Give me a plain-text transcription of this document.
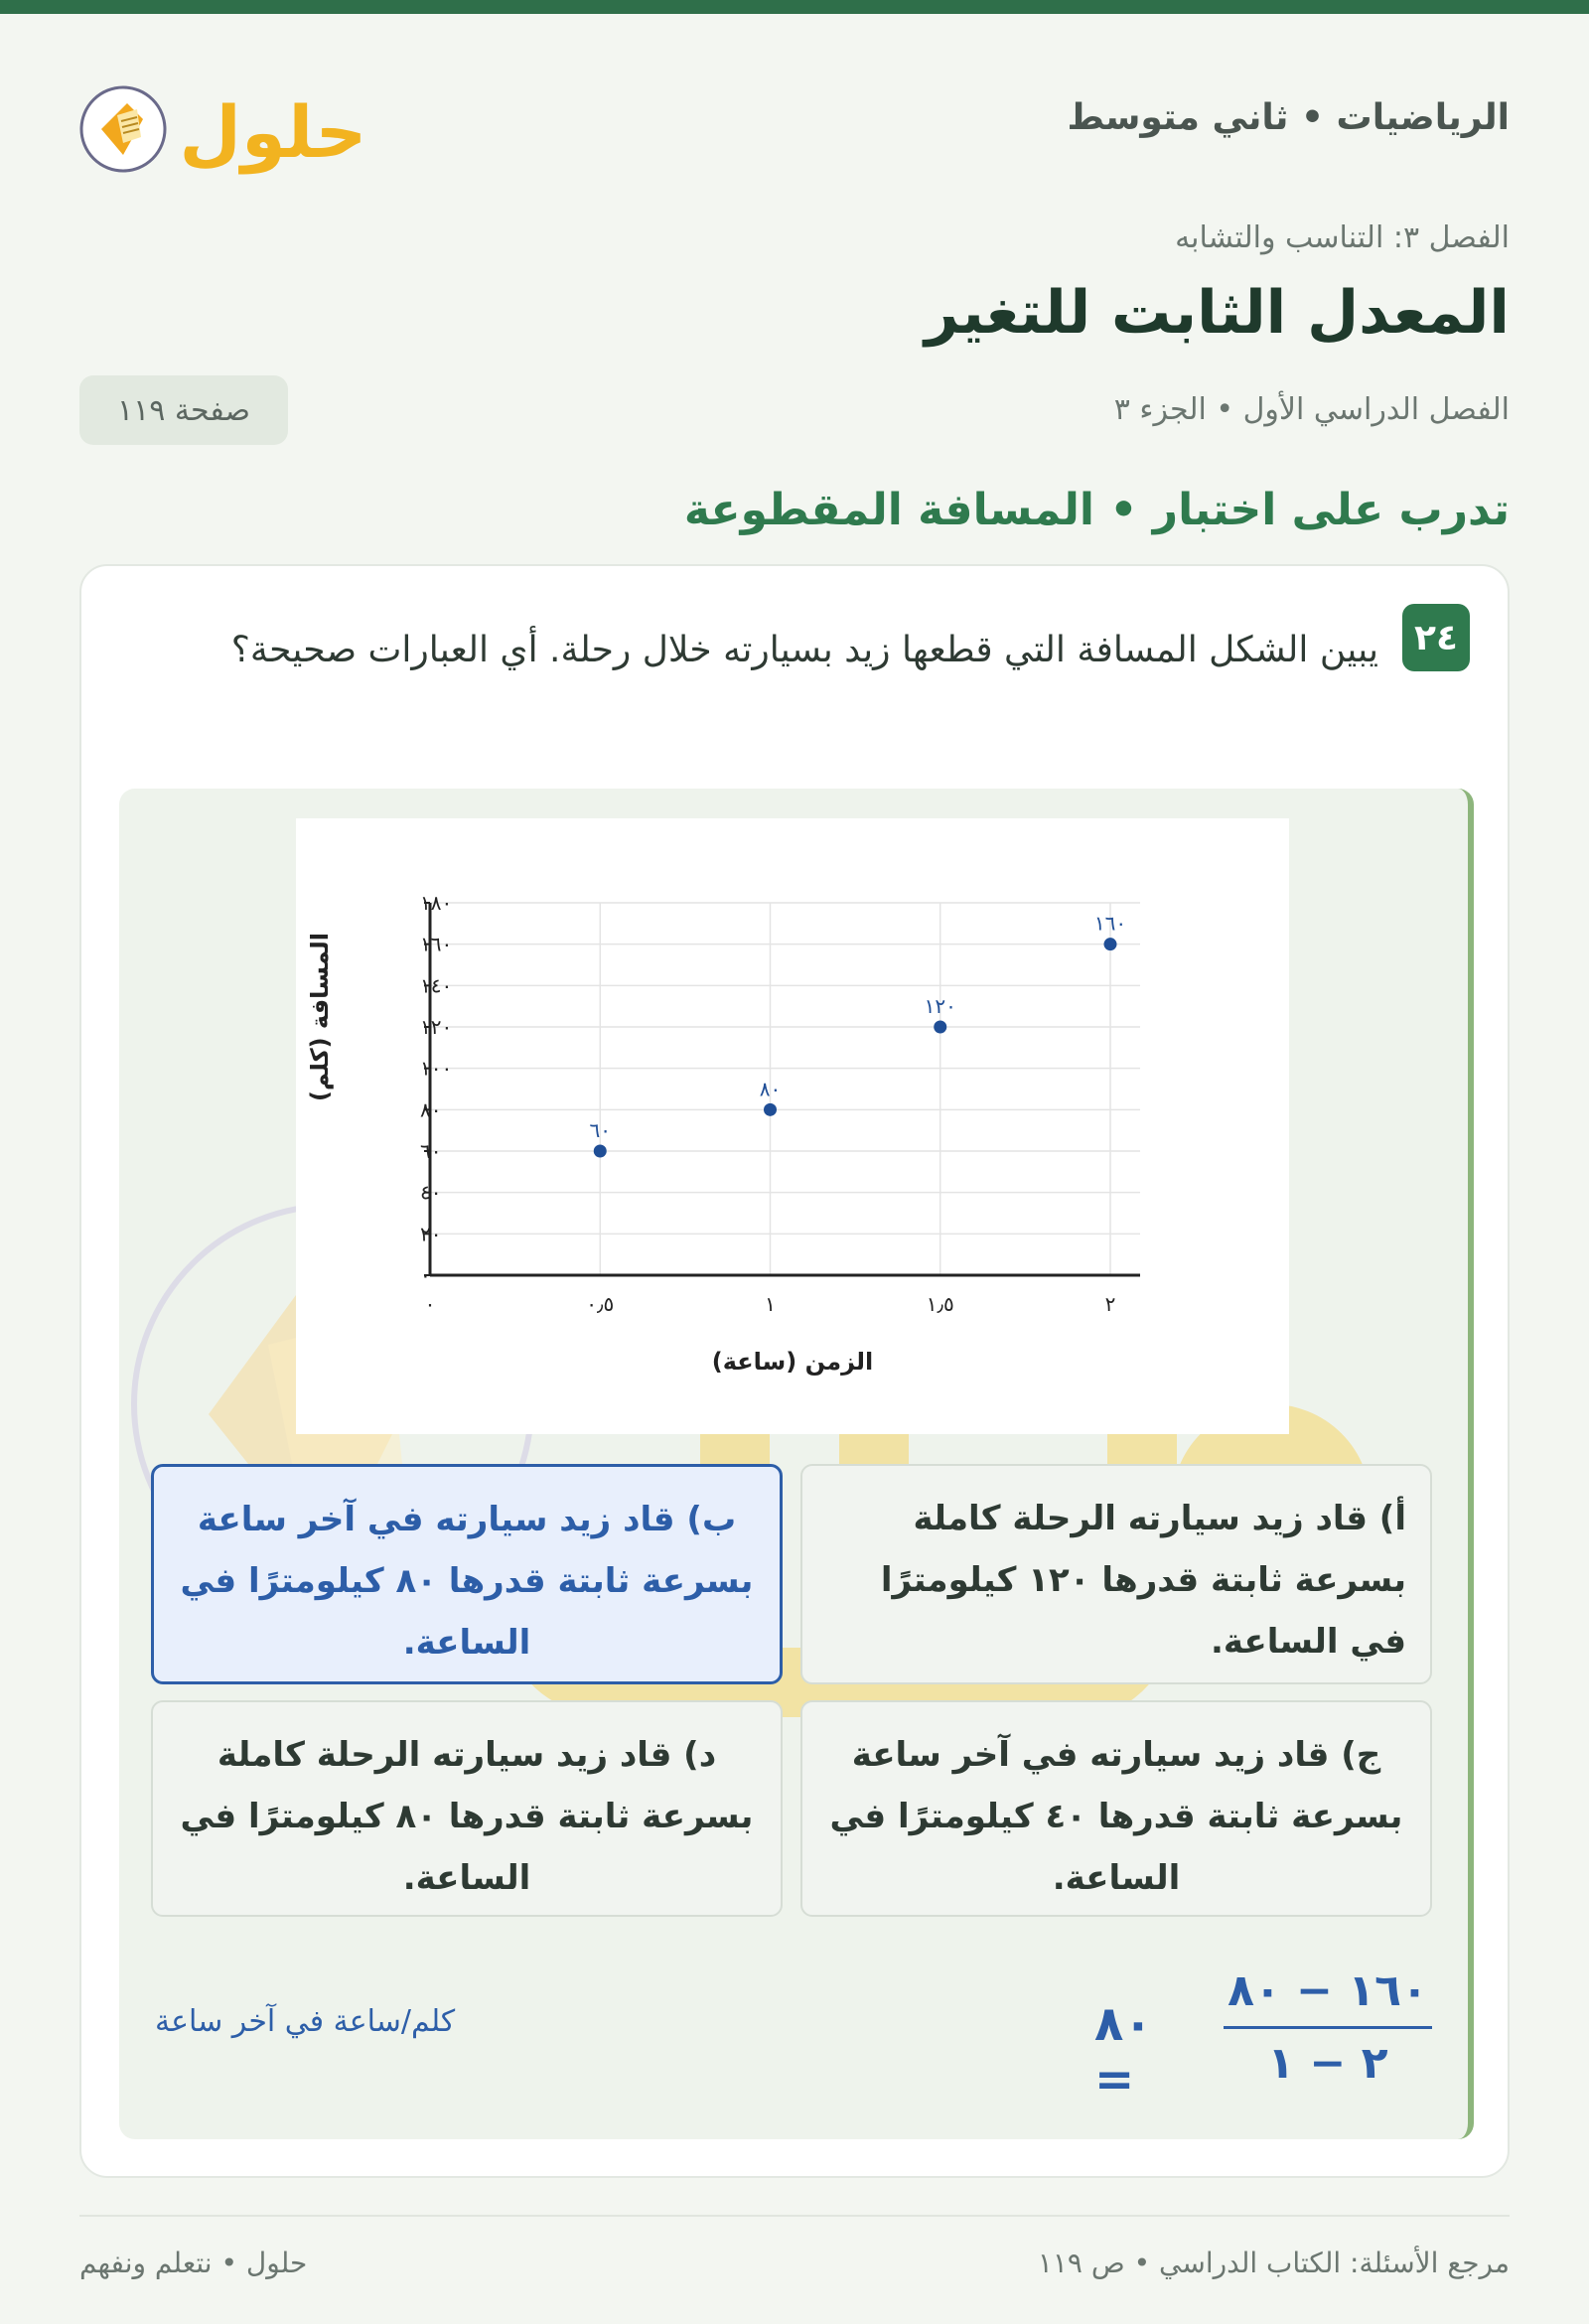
الرياضيات • ثاني متوسط
حلول
الفصل ٣: التناسب والتشابه
المعدل الثابت للتغير
الفصل الدراسي الأول • الجزء ٣
صفحة ١١٩
تدرب على اختبار • المسافة المقطوعة
٢٤
يبين الشكل المسافة التي قطعها زيد بسيارته خلال رحلة. أي العبارات صحيحة؟
٠
٢٠
٤٠
٦٠
٨٠
١٠٠
١٢٠
١٤٠
١٦٠
١٨٠
٠	٠٫٥	١	١٫٥	٢
٦٠
٨٠
١٢٠
١٦٠
الزمن (ساعة)
المسافة (كلم)
أ) قاد زيد سيارته الرحلة كاملة بسرعة ثابتة قدرها ١٢٠ كيلومترًا في الساعة.
ب) قاد زيد سيارته في آخر ساعة بسرعة ثابتة قدرها ٨٠ كيلومترًا في الساعة.
ج) قاد زيد سيارته في آخر ساعة بسرعة ثابتة قدرها ٤٠ كيلومترًا في الساعة.
د) قاد زيد سيارته الرحلة كاملة بسرعة ثابتة قدرها ٨٠ كيلومترًا في الساعة.
١٦٠ − ٨٠
٢ − ١
٨٠ =
كلم/ساعة في آخر ساعة
مرجع الأسئلة: الكتاب الدراسي • ص ١١٩
حلول • نتعلم ونفهم
